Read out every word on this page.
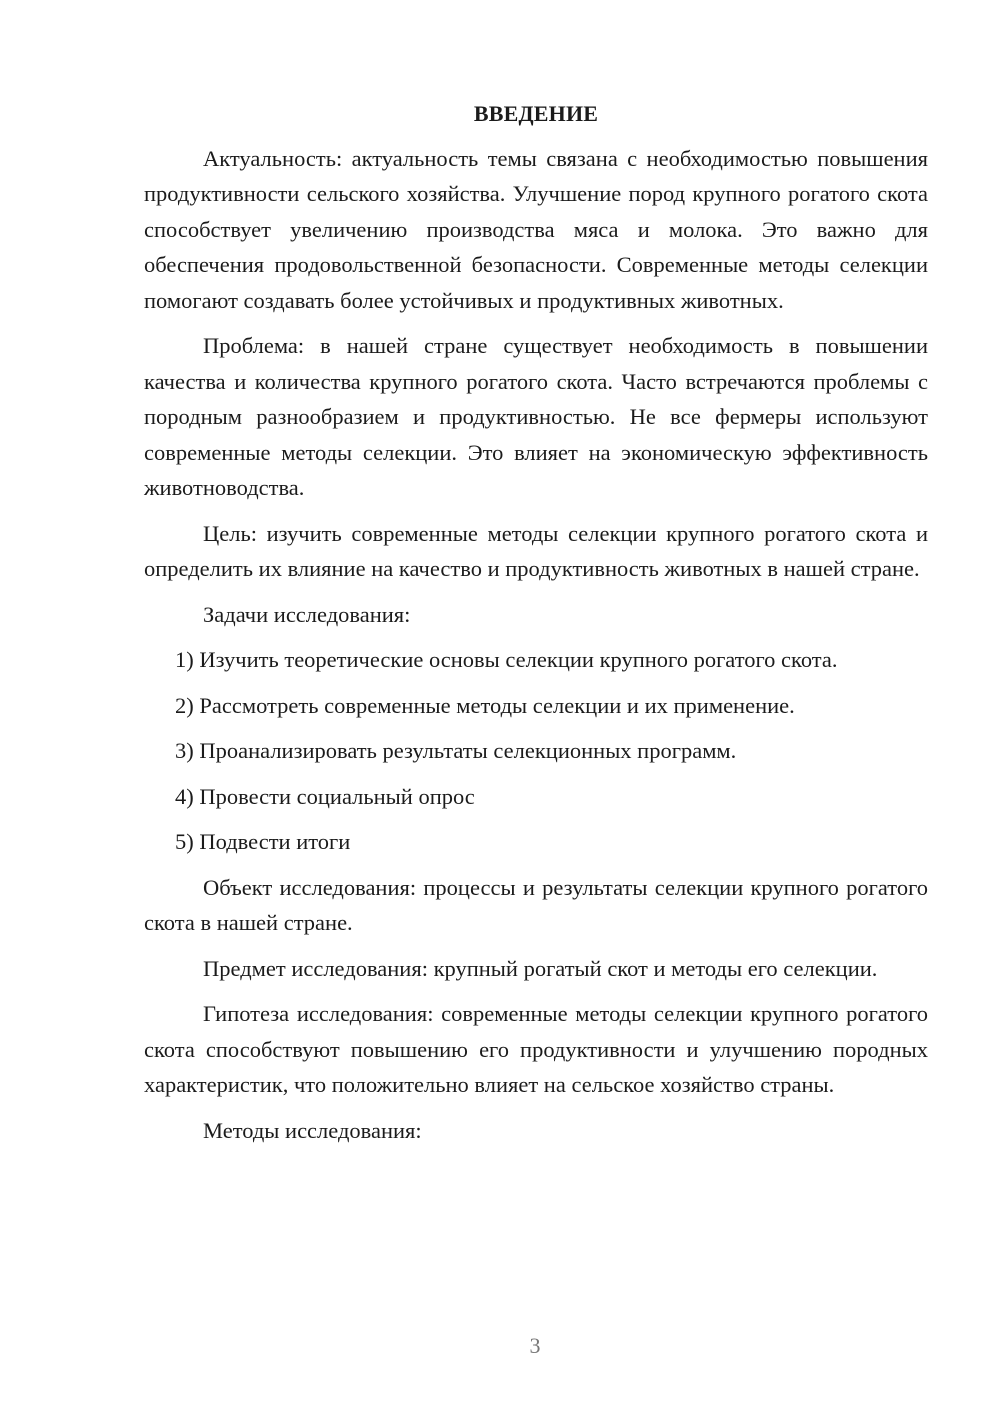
ВВЕДЕНИЕ

Актуальность: актуальность темы связана с необходимостью повышения продуктивности сельского хозяйства. Улучшение пород крупного рогатого скота способствует увеличению производства мяса и молока. Это важно для обеспечения продовольственной безопасности. Современные методы селекции помогают создавать более устойчивых и продуктивных животных.

Проблема: в нашей стране существует необходимость в повышении качества и количества крупного рогатого скота. Часто встречаются проблемы с породным разнообразием и продуктивностью. Не все фермеры используют современные методы селекции. Это влияет на экономическую эффективность животноводства.

Цель: изучить современные методы селекции крупного рогатого скота и определить их влияние на качество и продуктивность животных в нашей стране.

Задачи исследования:

1) Изучить теоретические основы селекции крупного рогатого скота.
2) Рассмотреть современные методы селекции и их применение.
3) Проанализировать результаты селекционных программ.
4) Провести социальный опрос
5) Подвести итоги

Объект исследования: процессы и результаты селекции крупного рогатого скота в нашей стране.

Предмет исследования: крупный рогатый скот и методы его селекции.

Гипотеза исследования: современные методы селекции крупного рогатого скота способствуют повышению его продуктивности и улучшению породных характеристик, что положительно влияет на сельское хозяйство страны.

Методы исследования:

3
